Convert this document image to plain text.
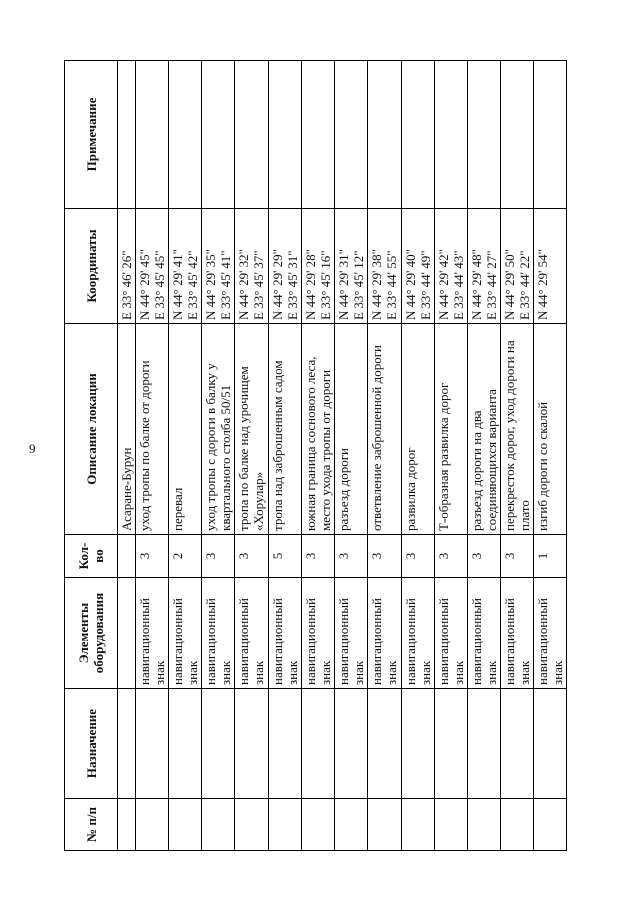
9
№ п/п	Назначение	Элементы оборудования	Кол-во	Описание локации	Координаты	Примечание
				Асаране-Бурун	E 33° 46' 26"	

		навигационный знак	3	уход тропы по балке от дороги	N 44° 29' 45" E 33° 45' 45"	

		навигационный знак	2	перевал	N 44° 29' 41" E 33° 45' 42"	

		навигационный знак	3	уход тропы с дороги в балку у квартального столба 50/51	N 44° 29' 35" E 33° 45' 41"	

		навигационный знак	3	тропа по балке над урочищем «Хорулар»	N 44° 29' 32" E 33° 45' 37"	

		навигационный знак	5	тропа над заброшенным садом	N 44° 29' 29" E 33° 45' 31"	

		навигационный знак	3	южная граница соснового леса, место ухода тропы от дороги	N 44° 29' 28" E 33° 45' 16"	

		навигационный знак	3	разъезд дороги	N 44° 29' 31" E 33° 45' 12"	

		навигационный знак	3	ответвление заброшенной дороги	N 44° 29' 38" E 33° 44' 55"	

		навигационный знак	3	развилка дорог	N 44° 29' 40" E 33° 44' 49"	

		навигационный знак	3	Т-образная развилка дорог	N 44° 29' 42" E 33° 44' 43"	

		навигационный знак	3	разъезд дороги на два соединяющихся варианта	N 44° 29' 48" E 33° 44' 27"	

		навигационный знак	3	перекресток дорог, уход дороги на плато	N 44° 29' 50" E 33° 44' 22"	

		навигационный знак	1	изгиб дороги со скалой	N 44° 29' 54"	
